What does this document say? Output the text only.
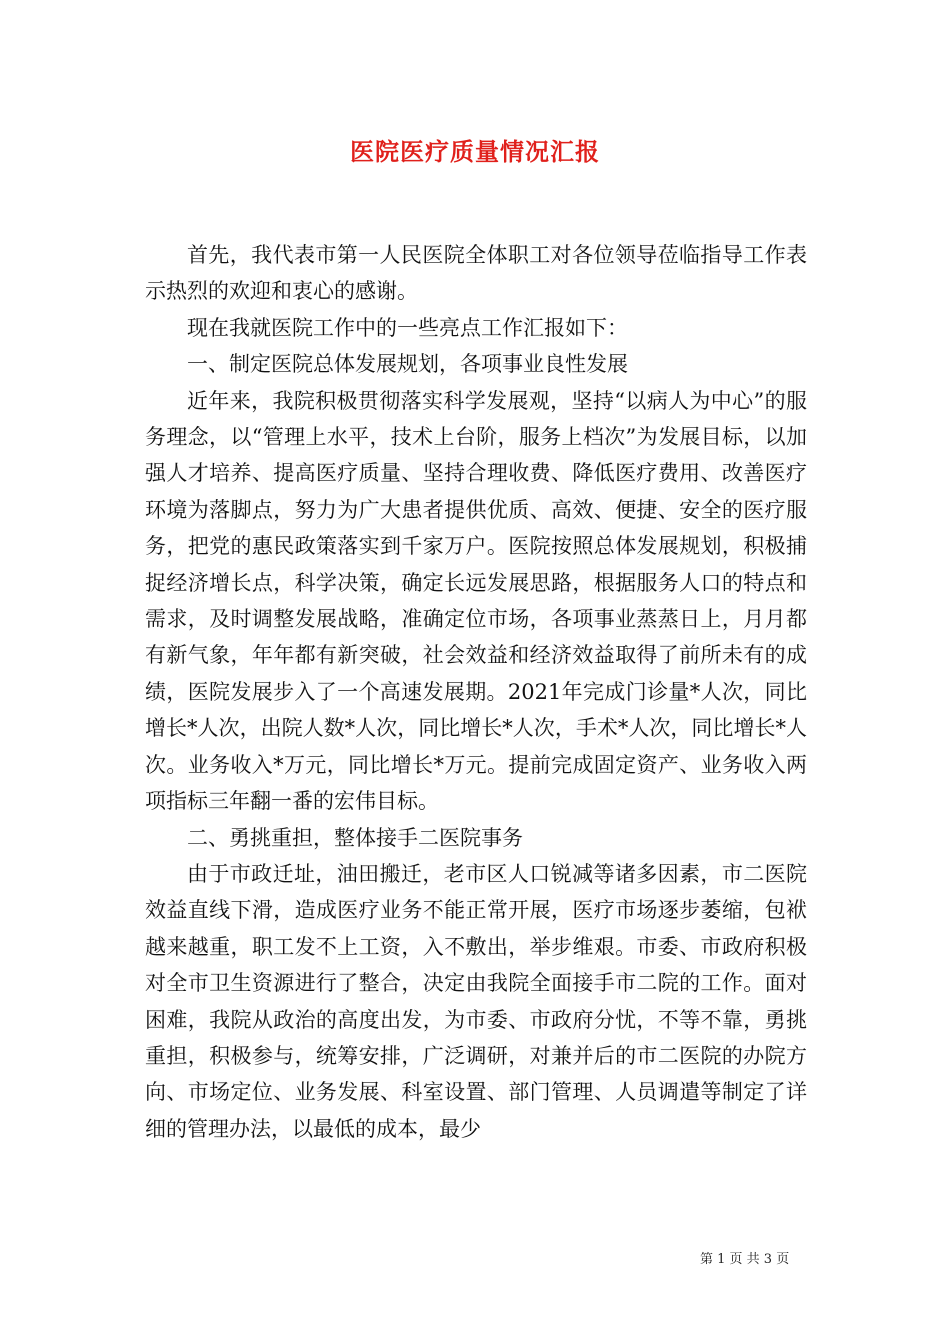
医院医疗质量情况汇报

首先，我代表市第一人民医院全体职工对各位领导莅临指导工作表示热烈的欢迎和衷心的感谢。

现在我就医院工作中的一些亮点工作汇报如下：

一、制定医院总体发展规划，各项事业良性发展

近年来，我院积极贯彻落实科学发展观，坚持“以病人为中心”的服务理念，以“管理上水平，技术上台阶，服务上档次”为发展目标，以加强人才培养、提高医疗质量、坚持合理收费、降低医疗费用、改善医疗环境为落脚点，努力为广大患者提供优质、高效、便捷、安全的医疗服务，把党的惠民政策落实到千家万户。医院按照总体发展规划，积极捕捉经济增长点，科学决策，确定长远发展思路，根据服务人口的特点和需求，及时调整发展战略，准确定位市场，各项事业蒸蒸日上，月月都有新气象，年年都有新突破，社会效益和经济效益取得了前所未有的成绩，医院发展步入了一个高速发展期。2021年完成门诊量*人次，同比增长*人次，出院人数*人次，同比增长*人次，手术*人次，同比增长*人次。业务收入*万元，同比增长*万元。提前完成固定资产、业务收入两项指标三年翻一番的宏伟目标。

二、勇挑重担，整体接手二医院事务

由于市政迁址，油田搬迁，老市区人口锐减等诸多因素，市二医院效益直线下滑，造成医疗业务不能正常开展，医疗市场逐步萎缩，包袱越来越重，职工发不上工资，入不敷出，举步维艰。市委、市政府积极对全市卫生资源进行了整合，决定由我院全面接手市二院的工作。面对困难，我院从政治的高度出发，为市委、市政府分忧，不等不靠，勇挑重担，积极参与，统筹安排，广泛调研，对兼并后的市二医院的办院方向、市场定位、业务发展、科室设置、部门管理、人员调遣等制定了详细的管理办法，以最低的成本，最少

第 1 页 共 3 页
